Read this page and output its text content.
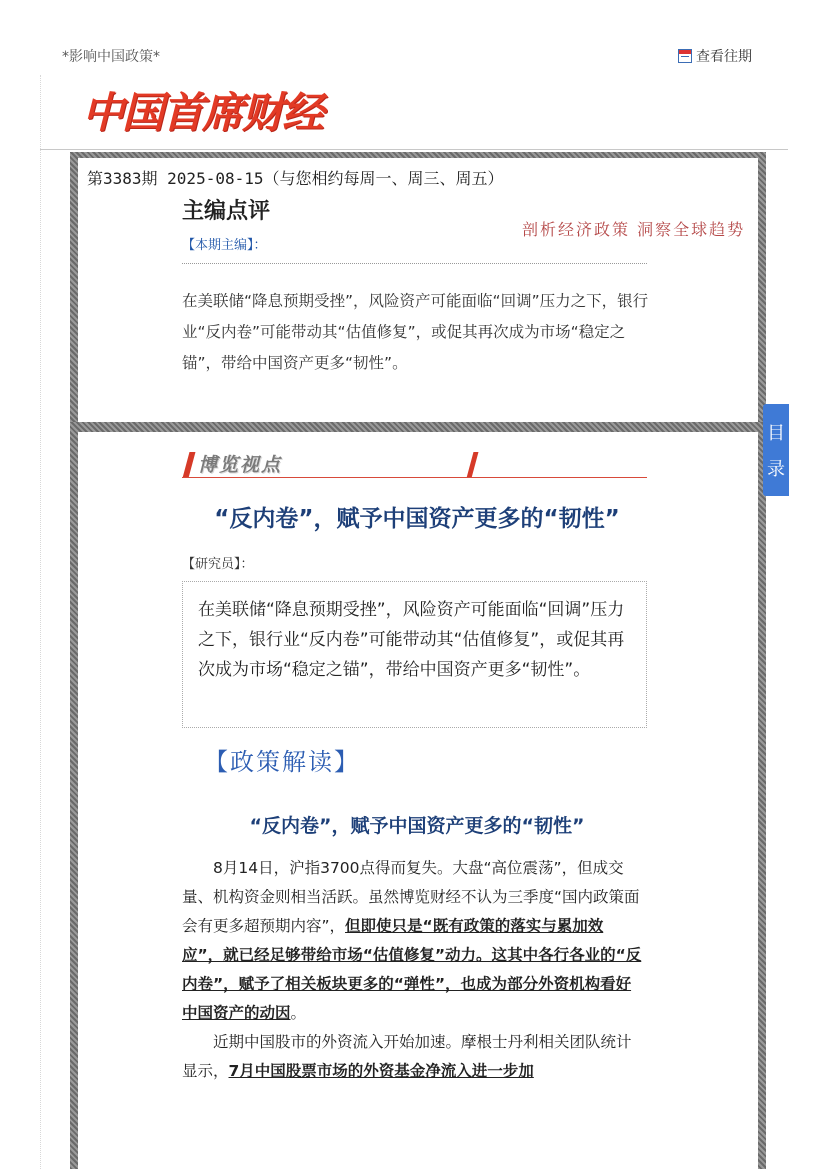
*影响中国政策*	查看往期
中国首席财经
第3383期 2025-08-15（与您相约每周一、周三、周五）
主编点评
剖析经济政策 洞察全球趋势
【本期主编】：
在美联储“降息预期受挫”，风险资产可能面临“回调”压力之下，银行业“反内卷”可能带动其“估值修复”，或促其再次成为市场“稳定之锚”，带给中国资产更多“韧性”。
目
录
博览视点
“反内卷”，赋予中国资产更多的“韧性”
【研究员】：
在美联储“降息预期受挫”，风险资产可能面临“回调”压力之下，银行业“反内卷”可能带动其“估值修复”，或促其再次成为市场“稳定之锚”，带给中国资产更多“韧性”。
【政策解读】
“反内卷”，赋予中国资产更多的“韧性”

8月14日，沪指3700点得而复失。大盘“高位震荡”，但成交量、机构资金则相当活跃。虽然博览财经不认为三季度“国内政策面会有更多超预期内容”，但即使只是“既有政策的落实与累加效应”，就已经足够带给市场“估值修复”动力。这其中各行各业的“反内卷”，赋予了相关板块更多的“弹性”，也成为部分外资机构看好中国资产的动因。

近期中国股市的外资流入开始加速。摩根士丹利相关团队统计显示，7月中国股票市场的外资基金净流入进一步加
